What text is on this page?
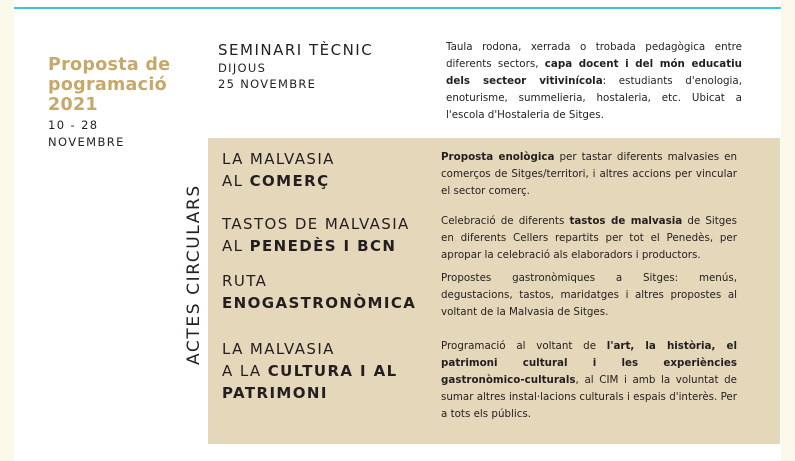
Proposta de
pogramació
2021
10 - 28
NOVEMBRE
SEMINARI TÈCNIC
DIJOUS
25 NOVEMBRE
Taula rodona, xerrada o trobada pedagògica entre diferents sectors, capa docent i del món educatiu dels secteor vitivinícola: estudiants d'enologia, enoturisme, summelieria, hostaleria, etc. Ubicat a l'escola d'Hostaleria de Sitges.
ACTES CIRCULARS
LA MALVASIA
AL COMERÇ
Proposta enològica per tastar diferents malvasies en comerços de Sitges/territori, i altres accions per vincular el sector comerç.
TASTOS DE MALVASIA
AL PENEDÈS I BCN
Celebració de diferents tastos de malvasia de Sitges en diferents Cellers repartits per tot el Penedès, per apropar la celebració als elaboradors i productors.
RUTA
ENOGASTRONÒMICA
Propostes gastronòmiques a Sitges: menús, degustacions, tastos, maridatges i altres propostes al voltant de la Malvasia de Sitges.
LA MALVASIA
A LA CULTURA I AL
PATRIMONI
Programació al voltant de l'art, la història, el patrimoni cultural i les experiències gastronòmico-culturals, al CIM i amb la voluntat de sumar altres instal·lacions culturals i espais d'interès. Per a tots els públics.
